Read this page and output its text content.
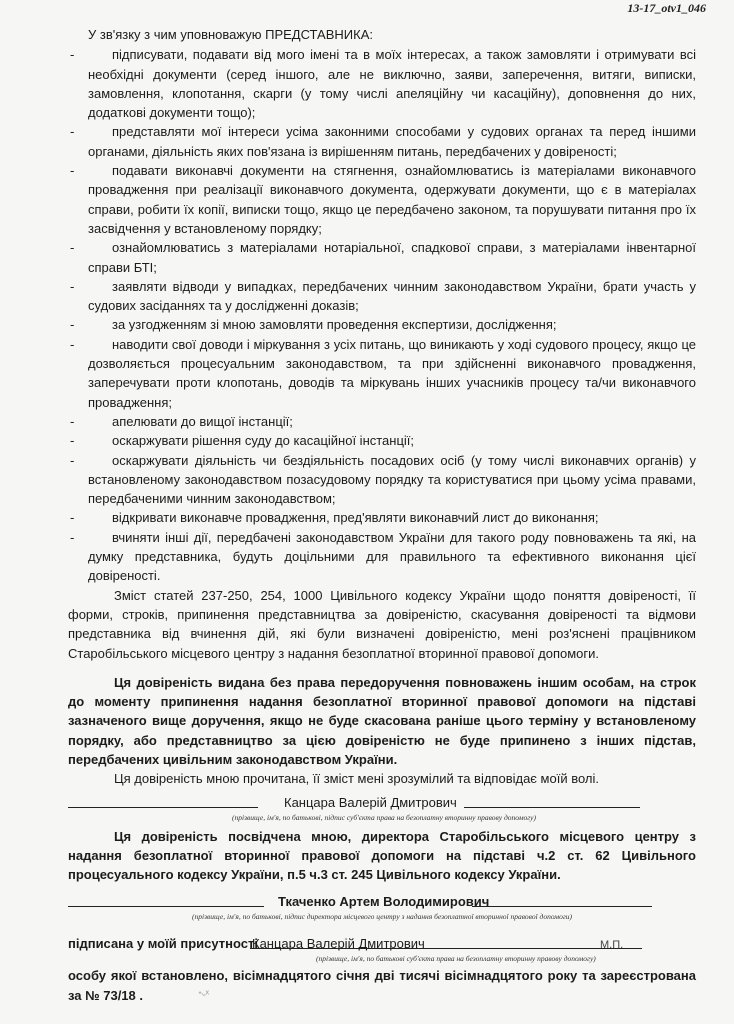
13-17_otv1_046
У зв'язку з чим уповноважую ПРЕДСТАВНИКА:
-	підписувати, подавати від мого імені та в моїх інтересах, а також замовляти і отримувати всі необхідні документи (серед іншого, але не виключно, заяви, заперечення, витяги, виписки, замовлення, клопотання, скарги (у тому числі апеляційну чи касаційну), доповнення до них, додаткові документи тощо);
-	представляти мої інтереси усіма законними способами у судових органах та перед іншими органами, діяльність яких пов'язана із вирішенням питань, передбачених у довіреності;
-	подавати виконавчі документи на стягнення, ознайомлюватись із матеріалами виконавчого провадження при реалізації виконавчого документа, одержувати документи, що є в матеріалах справи, робити їх копії, виписки тощо, якщо це передбачено законом, та порушувати питання про їх засвідчення у встановленому порядку;
-	ознайомлюватись з матеріалами нотаріальної, спадкової справи, з матеріалами інвентарної справи БТІ;
-	заявляти відводи у випадках, передбачених чинним законодавством України, брати участь у судових засіданнях та у дослідженні доказів;
-	за узгодженням зі мною замовляти проведення експертизи, дослідження;
-	наводити свої доводи і міркування з усіх питань, що виникають у ході судового процесу, якщо це дозволяється процесуальним законодавством, та при здійсненні виконавчого провадження, заперечувати проти клопотань, доводів та міркувань інших учасників процесу та/чи виконавчого провадження;
-	апелювати до вищої інстанції;
-	оскаржувати рішення суду до касаційної інстанції;
-	оскаржувати діяльність чи бездіяльність посадових осіб (у тому числі виконавчих органів) у встановленому законодавством позасудовому порядку та користуватися при цьому усіма правами, передбаченими чинним законодавством;
-	відкривати виконавче провадження, пред'являти виконавчий лист до виконання;
-	вчиняти інші дії, передбачені законодавством України для такого роду повноважень та які, на думку представника, будуть доцільними для правильного та ефективного виконання цієї довіреності.

Зміст статей 237-250, 254, 1000 Цивільного кодексу України щодо поняття довіреності, її форми, строків, припинення представництва за довіреністю, скасування довіреності та відмови представника від вчинення дій, які були визначені довіреністю, мені роз'яснені працівником Старобільського місцевого центру з надання безоплатної вторинної правової допомоги.

Ця довіреність видана без права передоручення повноважень іншим особам, на строк до моменту припинення надання безоплатної вторинної правової допомоги на підставі зазначеного вище доручення, якщо не буде скасована раніше цього терміну у встановленому порядку, або представництво за цією довіреністю не буде припинено з інших підстав, передбачених цивільним законодавством України.

Ця довіреність мною прочитана, її зміст мені зрозумілий та відповідає моїй волі.

Канцара Валерій Дмитрович
(прізвище, ім'я, по батькові, підпис суб'єкта права на безоплатну вторинну правову допомогу)

Ця довіреність посвідчена мною, директора Старобільського місцевого центру з надання безоплатної вторинної правової допомоги на підставі ч.2 ст. 62 Цивільного процесуального кодексу України, п.5 ч.3 ст. 245 Цивільного кодексу України.

Ткаченко Артем Володимирович
(прізвище, ім'я, по батькові, підпис директора місцевого центру з надання безоплатної вторинної правової допомоги)
підписана у моїй присутності
Канцара Валерій Дмитрович
(прізвище, ім'я, по батькові суб'єкта права на безоплатну вторинну правову допомогу)

особу якої встановлено, вісімнадцятого січня дві тисячі вісімнадцятого року та зареєстрована за № 73/18 .

М.П.
ᐩᐧ-ᕁ
